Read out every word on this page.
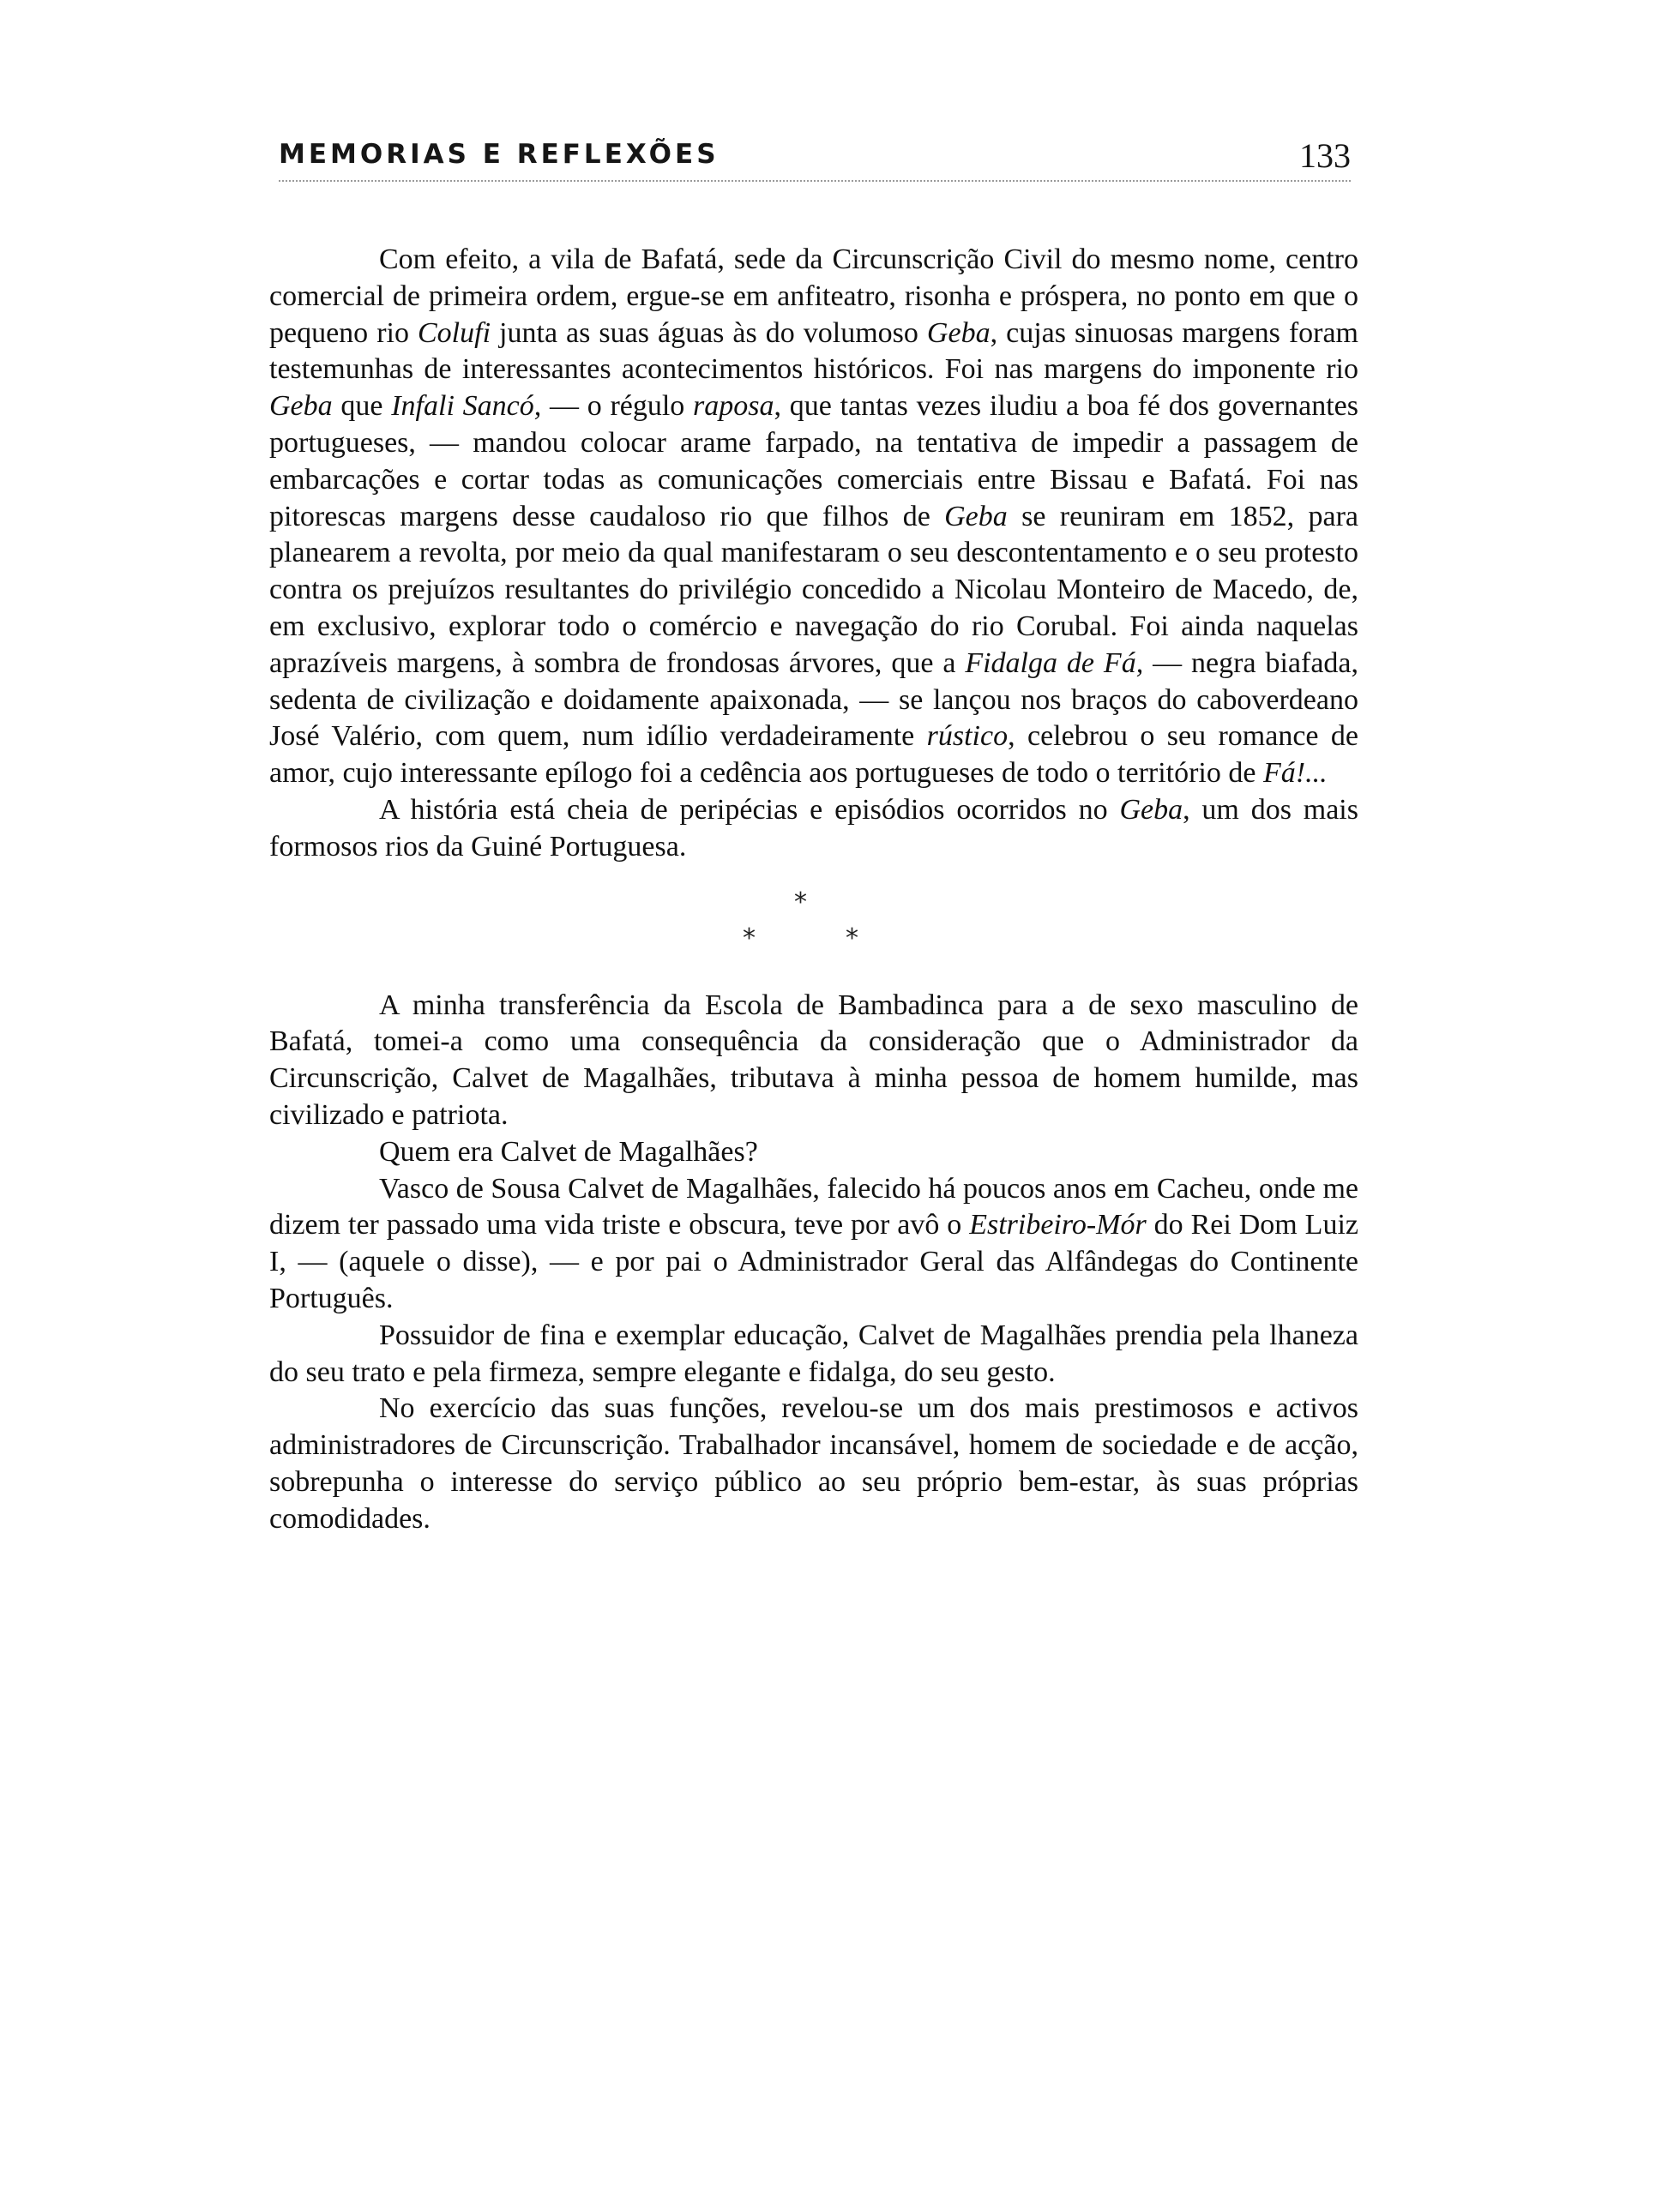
MEMORIAS E REFLEXÕES	133

Com efeito, a vila de Bafatá, sede da Circunscrição Civil do mesmo nome, centro comercial de primeira ordem, ergue-se em anfiteatro, risonha e próspera, no ponto em que o pequeno rio Colufi junta as suas águas às do volumoso Geba, cujas sinuosas margens foram testemunhas de interessantes acontecimentos históricos. Foi nas margens do imponente rio Geba que Infali Sancó, — o régulo raposa, que tantas vezes iludiu a boa fé dos governantes portugueses, — mandou colocar arame farpado, na tentativa de impedir a passagem de embarcações e cortar todas as comunicações comerciais entre Bissau e Bafatá. Foi nas pitorescas margens desse caudaloso rio que filhos de Geba se reuniram em 1852, para planearem a revolta, por meio da qual manifestaram o seu descontentamento e o seu protesto contra os prejuízos resultantes do privilégio concedido a Nicolau Monteiro de Macedo, de, em exclusivo, explorar todo o comércio e navegação do rio Corubal. Foi ainda naquelas aprazíveis margens, à sombra de frondosas árvores, que a Fidalga de Fá, — negra biafada, sedenta de civilização e doidamente apaixonada, — se lançou nos braços do caboverdeano José Valério, com quem, num idílio verdadeiramente rústico, celebrou o seu romance de amor, cujo interessante epílogo foi a cedência aos portugueses de todo o território de Fá!...

A história está cheia de peripécias e episódios ocorridos no Geba, um dos mais formosos rios da Guiné Portuguesa.

*
*	*

A minha transferência da Escola de Bambadinca para a de sexo masculino de Bafatá, tomei-a como uma consequência da consideração que o Administrador da Circunscrição, Calvet de Magalhães, tributava à minha pessoa de homem humilde, mas civilizado e patriota.

Quem era Calvet de Magalhães?

Vasco de Sousa Calvet de Magalhães, falecido há poucos anos em Cacheu, onde me dizem ter passado uma vida triste e obscura, teve por avô o Estribeiro-Mór do Rei Dom Luiz I, — (aquele o disse), — e por pai o Administrador Geral das Alfândegas do Continente Português.

Possuidor de fina e exemplar educação, Calvet de Magalhães prendia pela lhaneza do seu trato e pela firmeza, sempre elegante e fidalga, do seu gesto.

No exercício das suas funções, revelou-se um dos mais prestimosos e activos administradores de Circunscrição. Trabalhador incansável, homem de sociedade e de acção, sobrepunha o interesse do serviço público ao seu próprio bem-estar, às suas próprias comodidades.
